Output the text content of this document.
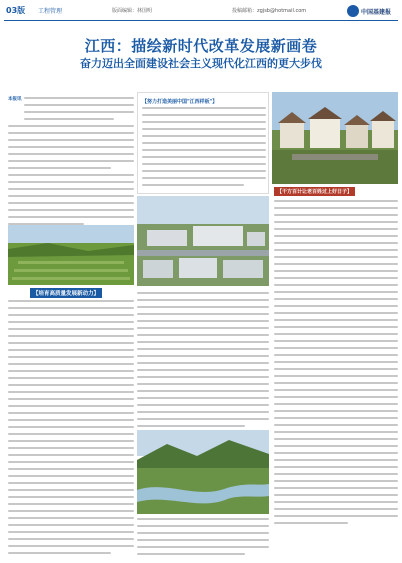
03版 工程管理	版面编辑：林国明	投稿邮箱：zgjsb@hotmail.com	中国基建报
江西：描绘新时代改革发展新画卷
奋力迈出全面建设社会主义现代化江西的更大步伐
本报讯	【努力打造美丽中国"江西样板"】
【干方百计让老百姓过上好日子】
【培育高质量发展新动力】
